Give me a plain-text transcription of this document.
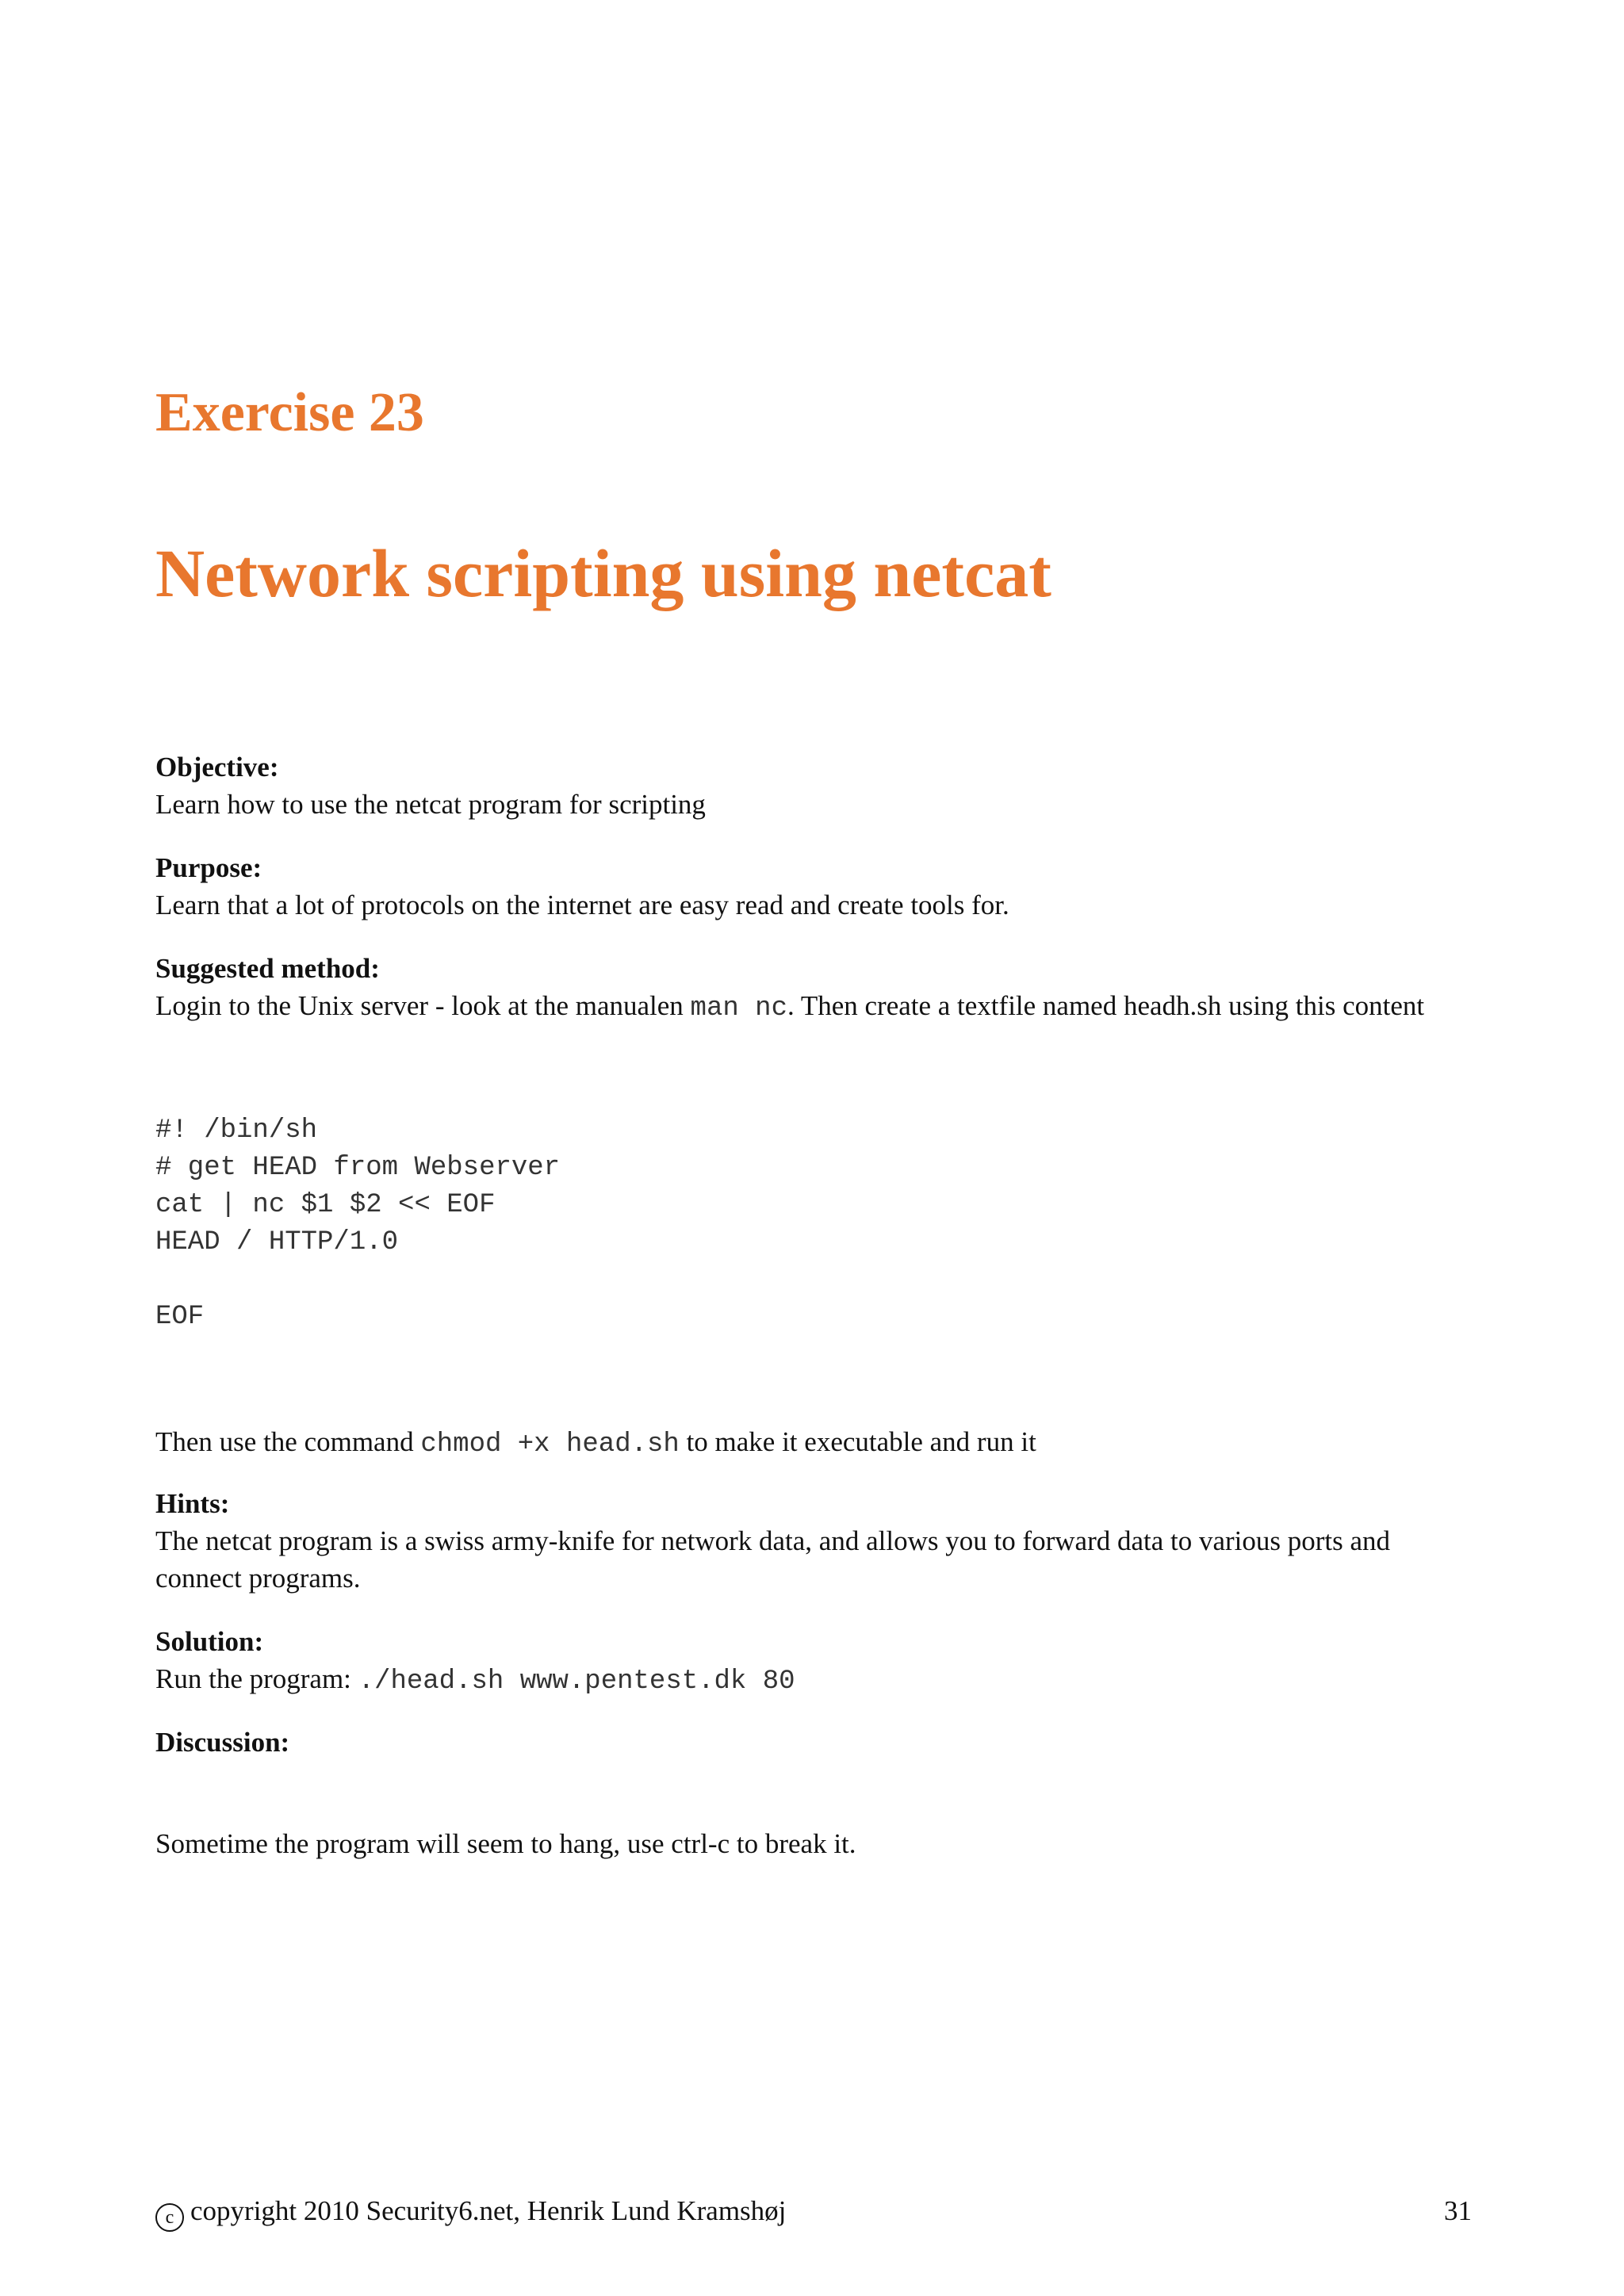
Exercise 23
Network scripting using netcat
Objective:
Learn how to use the netcat program for scripting
Purpose:
Learn that a lot of protocols on the internet are easy read and create tools for.
Suggested method:
Login to the Unix server - look at the manualen man nc. Then create a textfile named headh.sh using this content
#! /bin/sh
# get HEAD from Webserver
cat | nc $1 $2 << EOF
HEAD / HTTP/1.0
EOF
Then use the command chmod +x head.sh to make it executable and run it
Hints:
The netcat program is a swiss army-knife for network data, and allows you to forward data to various ports and connect programs.
Solution:
Run the program: ./head.sh www.pentest.dk 80
Discussion:
Sometime the program will seem to hang, use ctrl-c to break it.
c copyright 2010 Security6.net, Henrik Lund Kramshøj	31
